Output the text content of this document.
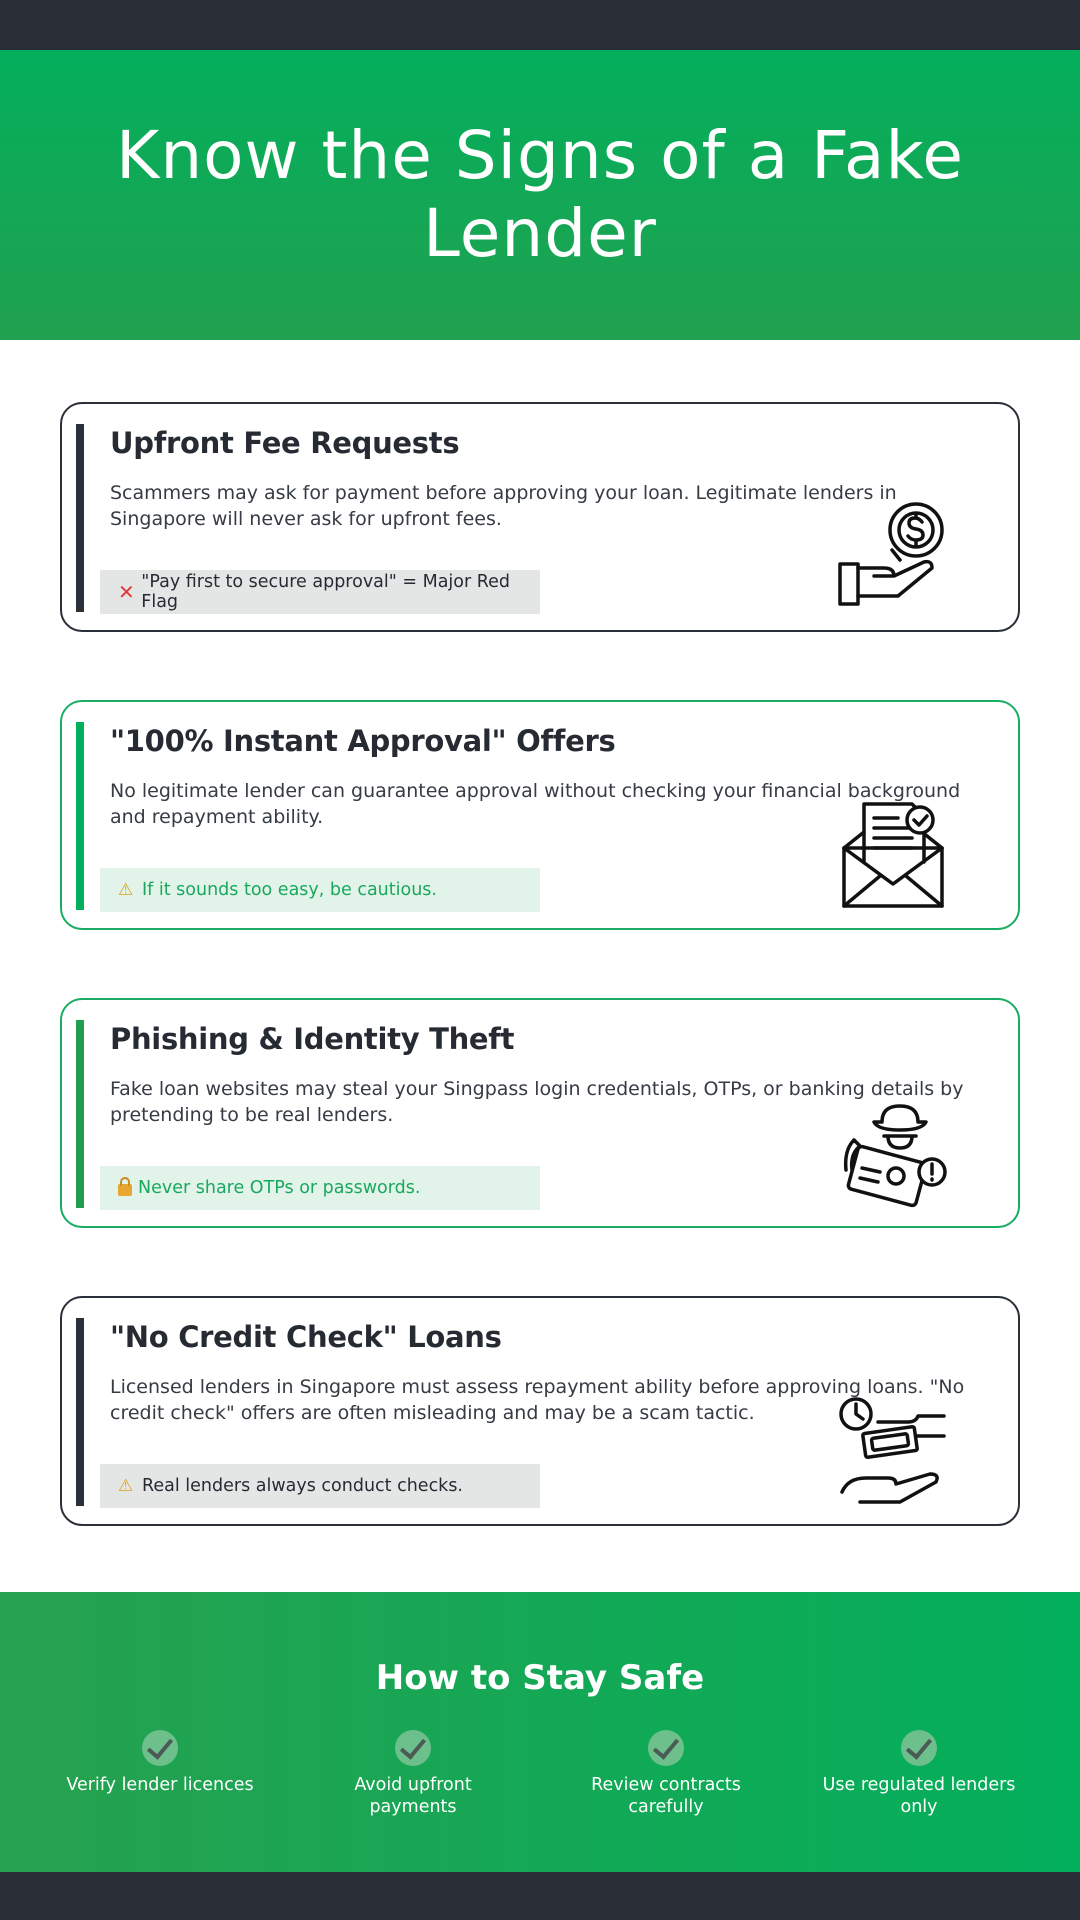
Know the Signs of a Fake Lender
Upfront Fee Requests

Scammers may ask for payment before approving your loan. Legitimate lenders in Singapore will never ask for upfront fees.

✕ "Pay first to secure approval" = Major Red Flag
"100% Instant Approval" Offers

No legitimate lender can guarantee approval without checking your financial background and repayment ability.

⚠ If it sounds too easy, be cautious.
Phishing & Identity Theft

Fake loan websites may steal your Singpass login credentials, OTPs, or banking details by pretending to be real lenders.

Never share OTPs or passwords.
"No Credit Check" Loans

Licensed lenders in Singapore must assess repayment ability before approving loans. "No credit check" offers are often misleading and may be a scam tactic.

⚠ Real lenders always conduct checks.
How to Stay Safe
Verify lender licences	Avoid upfront payments
Review contracts carefully
Use regulated lenders only
